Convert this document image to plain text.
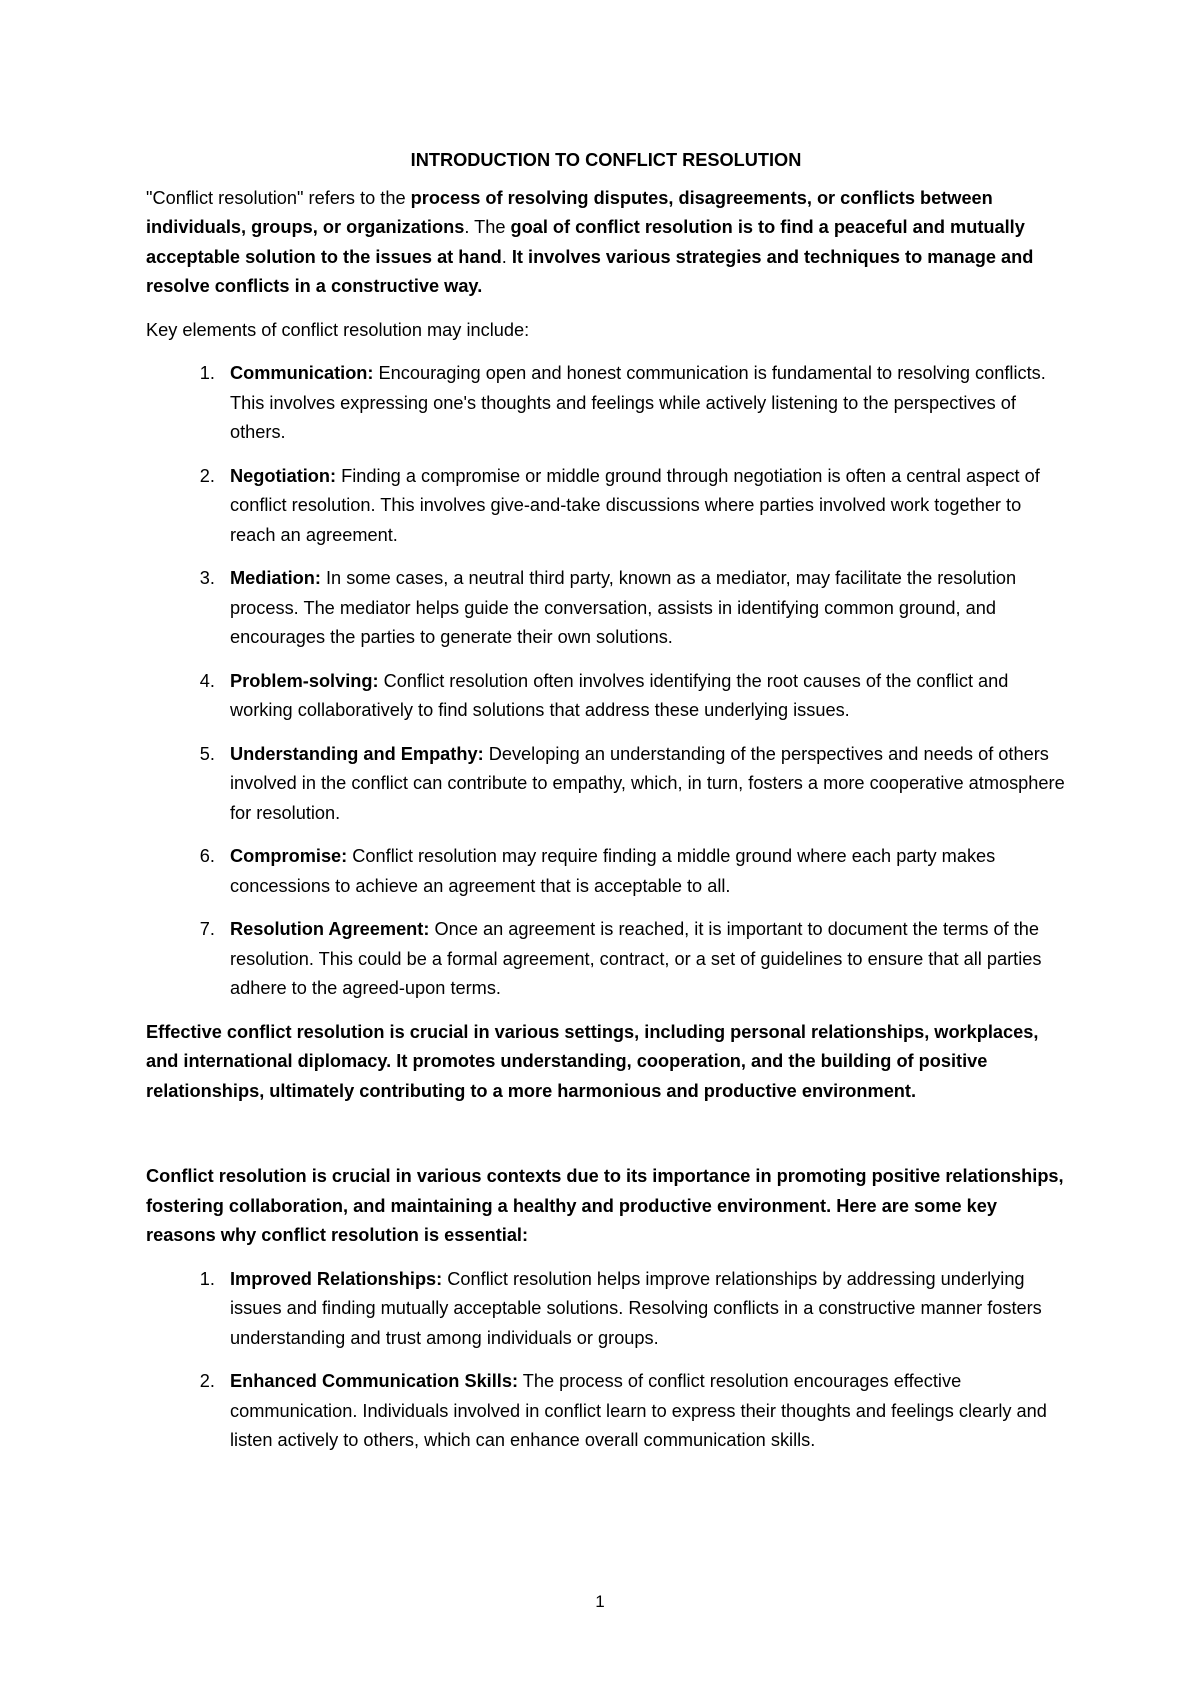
INTRODUCTION TO CONFLICT RESOLUTION

"Conflict resolution" refers to the process of resolving disputes, disagreements, or conflicts between individuals, groups, or organizations. The goal of conflict resolution is to find a peaceful and mutually acceptable solution to the issues at hand. It involves various strategies and techniques to manage and resolve conflicts in a constructive way.

Key elements of conflict resolution may include:

1. Communication: Encouraging open and honest communication is fundamental to resolving conflicts. This involves expressing one's thoughts and feelings while actively listening to the perspectives of others.
2. Negotiation: Finding a compromise or middle ground through negotiation is often a central aspect of conflict resolution. This involves give-and-take discussions where parties involved work together to reach an agreement.
3. Mediation: In some cases, a neutral third party, known as a mediator, may facilitate the resolution process. The mediator helps guide the conversation, assists in identifying common ground, and encourages the parties to generate their own solutions.
4. Problem-solving: Conflict resolution often involves identifying the root causes of the conflict and working collaboratively to find solutions that address these underlying issues.
5. Understanding and Empathy: Developing an understanding of the perspectives and needs of others involved in the conflict can contribute to empathy, which, in turn, fosters a more cooperative atmosphere for resolution.
6. Compromise: Conflict resolution may require finding a middle ground where each party makes concessions to achieve an agreement that is acceptable to all.
7. Resolution Agreement: Once an agreement is reached, it is important to document the terms of the resolution. This could be a formal agreement, contract, or a set of guidelines to ensure that all parties adhere to the agreed-upon terms.

Effective conflict resolution is crucial in various settings, including personal relationships, workplaces, and international diplomacy. It promotes understanding, cooperation, and the building of positive relationships, ultimately contributing to a more harmonious and productive environment.

Conflict resolution is crucial in various contexts due to its importance in promoting positive relationships, fostering collaboration, and maintaining a healthy and productive environment. Here are some key reasons why conflict resolution is essential:

1. Improved Relationships: Conflict resolution helps improve relationships by addressing underlying issues and finding mutually acceptable solutions. Resolving conflicts in a constructive manner fosters understanding and trust among individuals or groups.
2. Enhanced Communication Skills: The process of conflict resolution encourages effective communication. Individuals involved in conflict learn to express their thoughts and feelings clearly and listen actively to others, which can enhance overall communication skills.
1
